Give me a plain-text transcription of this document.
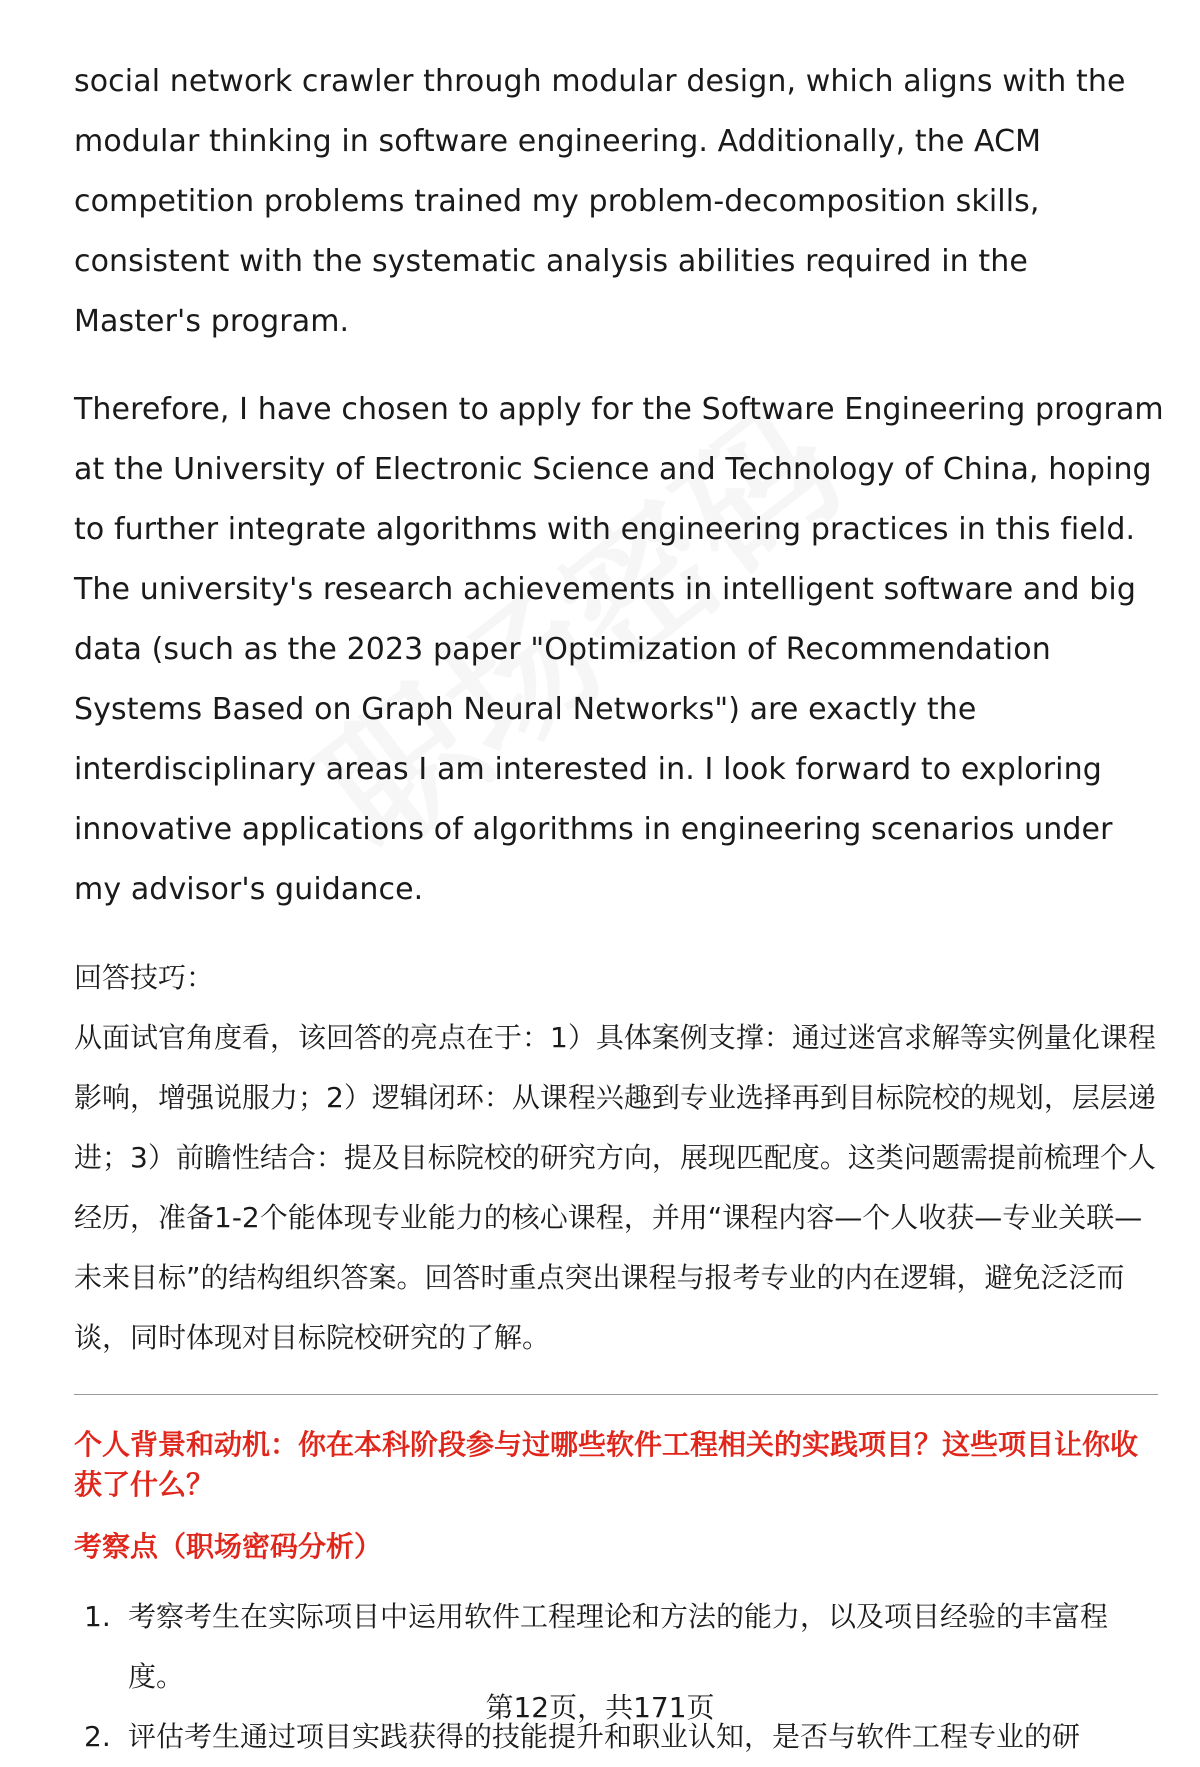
social network crawler through modular design, which aligns with the modular thinking in software engineering. Additionally, the ACM competition problems trained my problem-decomposition skills, consistent with the systematic analysis abilities required in the Master's program.

Therefore, I have chosen to apply for the Software Engineering program at the University of Electronic Science and Technology of China, hoping to further integrate algorithms with engineering practices in this field. The university's research achievements in intelligent software and big data (such as the 2023 paper "Optimization of Recommendation Systems Based on Graph Neural Networks") are exactly the interdisciplinary areas I am interested in. I look forward to exploring innovative applications of algorithms in engineering scenarios under my advisor's guidance.

回答技巧：

从面试官角度看，该回答的亮点在于：1）具体案例支撑：通过迷宫求解等实例量化课程影响，增强说服力；2）逻辑闭环：从课程兴趣到专业选择再到目标院校的规划，层层递进；3）前瞻性结合：提及目标院校的研究方向，展现匹配度。这类问题需提前梳理个人经历，准备1-2个能体现专业能力的核心课程，并用“课程内容—个人收获—专业关联—未来目标”的结构组织答案。回答时重点突出课程与报考专业的内在逻辑，避免泛泛而谈，同时体现对目标院校研究的了解。

个人背景和动机：你在本科阶段参与过哪些软件工程相关的实践项目？这些项目让你收获了什么？

考察点（职场密码分析）

1. 考察考生在实际项目中运用软件工程理论和方法的能力，以及项目经验的丰富程度。
2. 评估考生通过项目实践获得的技能提升和职业认知，是否与软件工程专业的研
第12页，共171页
